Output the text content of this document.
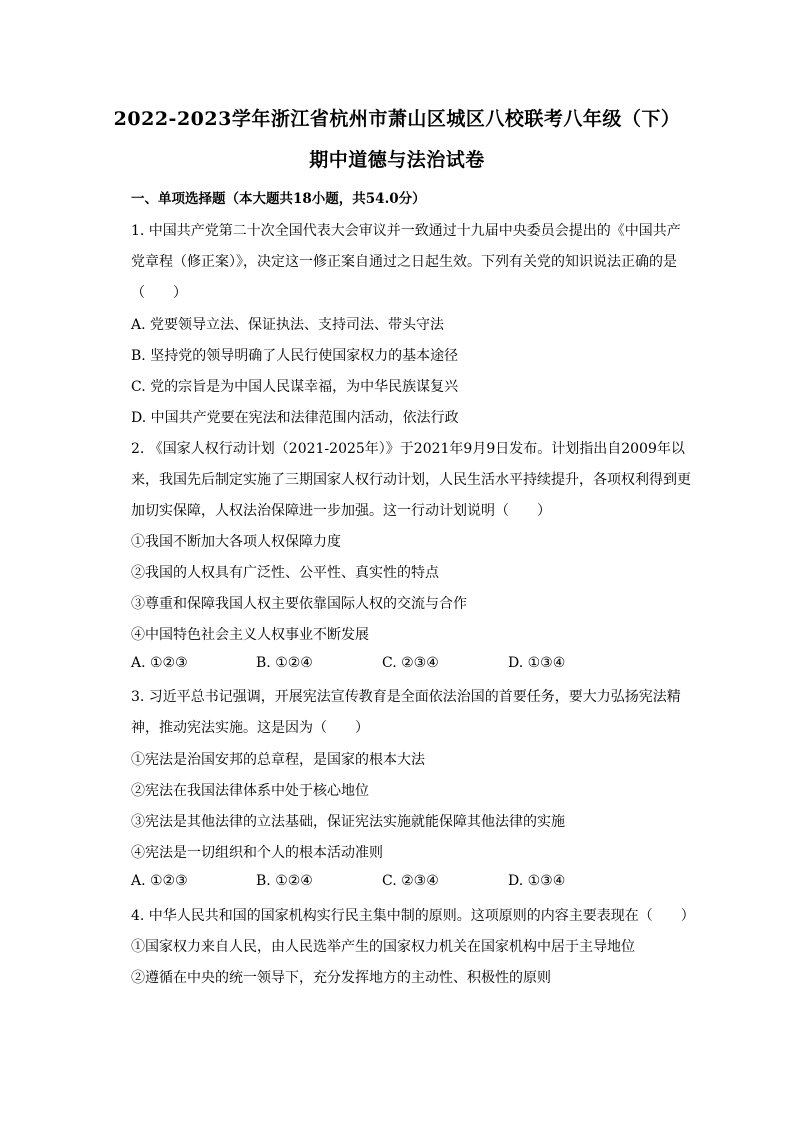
2022-2023学年浙江省杭州市萧山区城区八校联考八年级（下）
期中道德与法治试卷
一、单项选择题（本大题共18小题，共54.0分）
1. 中国共产党第二十次全国代表大会审议并一致通过十九届中央委员会提出的《中国共产
党章程（修正案）》，决定这一修正案自通过之日起生效。下列有关党的知识说法正确的是
（　　）
A. 党要领导立法、保证执法、支持司法、带头守法
B. 坚持党的领导明确了人民行使国家权力的基本途径
C. 党的宗旨是为中国人民谋幸福，为中华民族谋复兴
D. 中国共产党要在宪法和法律范围内活动，依法行政
2. 《国家人权行动计划（2021-2025年）》于2021年9月9日发布。计划指出自2009年以
来，我国先后制定实施了三期国家人权行动计划，人民生活水平持续提升，各项权利得到更
加切实保障，人权法治保障进一步加强。这一行动计划说明（　　）
①我国不断加大各项人权保障力度
②我国的人权具有广泛性、公平性、真实性的特点
③尊重和保障我国人权主要依靠国际人权的交流与合作
④中国特色社会主义人权事业不断发展
A. ①②③	B. ①②④	C. ②③④	D. ①③④
3. 习近平总书记强调，开展宪法宣传教育是全面依法治国的首要任务，要大力弘扬宪法精
神，推动宪法实施。这是因为（　　）
①宪法是治国安邦的总章程，是国家的根本大法
②宪法在我国法律体系中处于核心地位
③宪法是其他法律的立法基础，保证宪法实施就能保障其他法律的实施
④宪法是一切组织和个人的根本活动准则
A. ①②③	B. ①②④	C. ②③④	D. ①③④
4. 中华人民共和国的国家机构实行民主集中制的原则。这项原则的内容主要表现在（　　）
①国家权力来自人民，由人民选举产生的国家权力机关在国家机构中居于主导地位
②遵循在中央的统一领导下，充分发挥地方的主动性、积极性的原则
